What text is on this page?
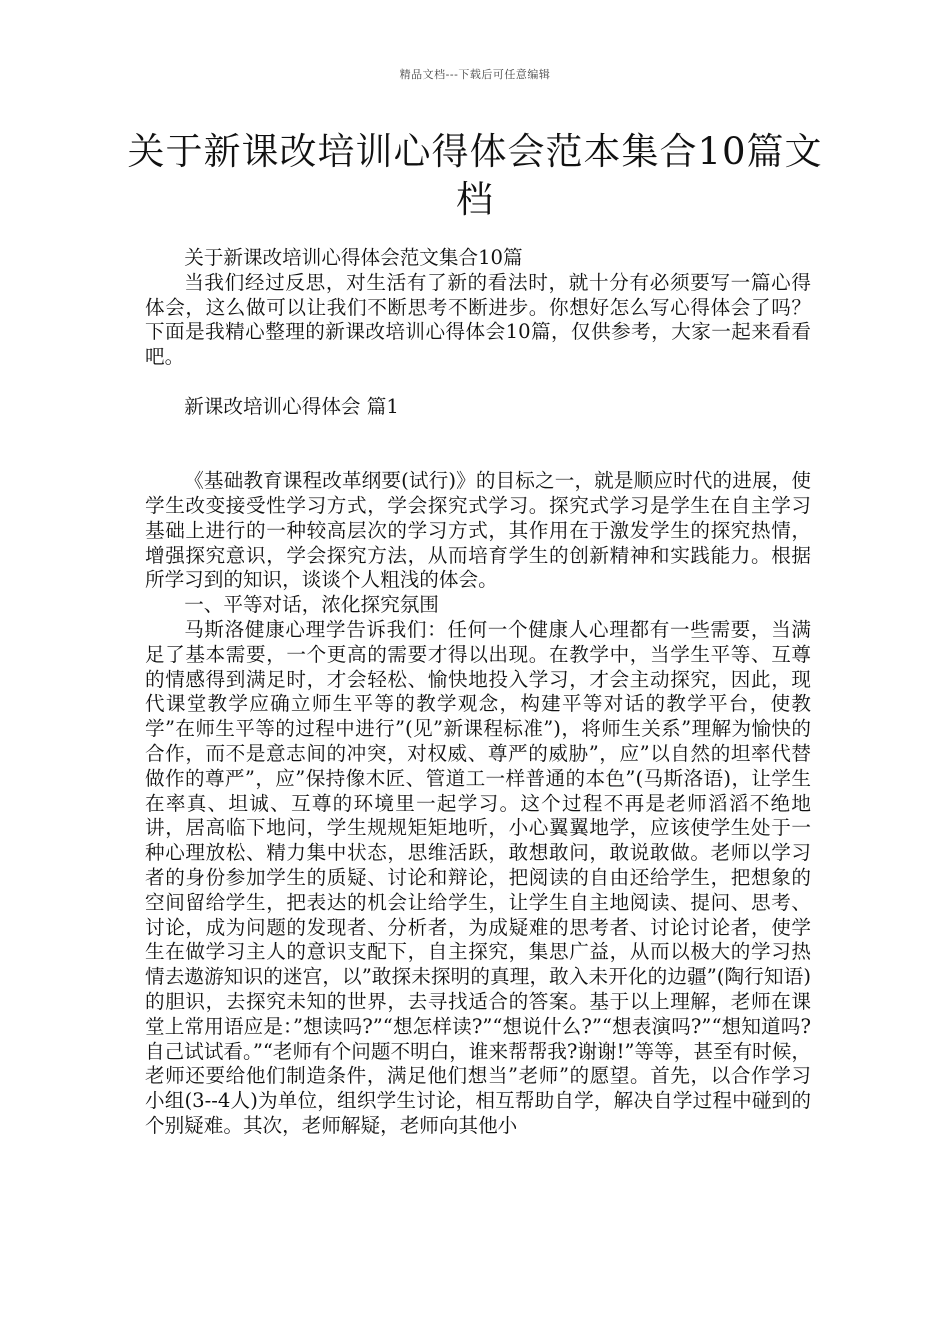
精品文档---下载后可任意编辑
关于新课改培训心得体会范本集合10篇文档

关于新课改培训心得体会范文集合10篇

当我们经过反思，对生活有了新的看法时，就十分有必须要写一篇心得体会，这么做可以让我们不断思考不断进步。你想好怎么写心得体会了吗？下面是我精心整理的新课改培训心得体会10篇，仅供参考，大家一起来看看吧。

新课改培训心得体会 篇1

《基础教育课程改革纲要(试行)》的目标之一，就是顺应时代的进展，使学生改变接受性学习方式，学会探究式学习。探究式学习是学生在自主学习基础上进行的一种较高层次的学习方式，其作用在于激发学生的探究热情，增强探究意识，学会探究方法，从而培育学生的创新精神和实践能力。根据所学习到的知识，谈谈个人粗浅的体会。

一、平等对话，浓化探究氛围

马斯洛健康心理学告诉我们：任何一个健康人心理都有一些需要，当满足了基本需要，一个更高的需要才得以出现。在教学中，当学生平等、互尊的情感得到满足时，才会轻松、愉快地投入学习，才会主动探究，因此，现代课堂教学应确立师生平等的教学观念，构建平等对话的教学平台，使教学”在师生平等的过程中进行”(见”新课程标准”)，将师生关系”理解为愉快的合作，而不是意志间的冲突，对权威、尊严的威胁”，应”以自然的坦率代替做作的尊严”，应”保持像木匠、管道工一样普通的本色”(马斯洛语)，让学生在率真、坦诚、互尊的环境里一起学习。这个过程不再是老师滔滔不绝地讲，居高临下地问，学生规规矩矩地听，小心翼翼地学，应该使学生处于一种心理放松、精力集中状态，思维活跃，敢想敢问，敢说敢做。老师以学习者的身份参加学生的质疑、讨论和辩论，把阅读的自由还给学生，把想象的空间留给学生，把表达的机会让给学生，让学生自主地阅读、提问、思考、讨论，成为问题的发现者、分析者，为成疑难的思考者、讨论讨论者，使学生在做学习主人的意识支配下，自主探究，集思广益，从而以极大的学习热情去遨游知识的迷宫，以”敢探未探明的真理，敢入未开化的边疆”(陶行知语)的胆识，去探究未知的世界，去寻找适合的答案。基于以上理解，老师在课堂上常用语应是：”想读吗?”“想怎样读?”“想说什么?”“想表演吗?”“想知道吗?自己试试看。”“老师有个问题不明白，谁来帮帮我?谢谢!”等等，甚至有时候，老师还要给他们制造条件，满足他们想当”老师”的愿望。首先，以合作学习小组(3--4人)为单位，组织学生讨论，相互帮助自学，解决自学过程中碰到的个别疑难。其次，老师解疑，老师向其他小
